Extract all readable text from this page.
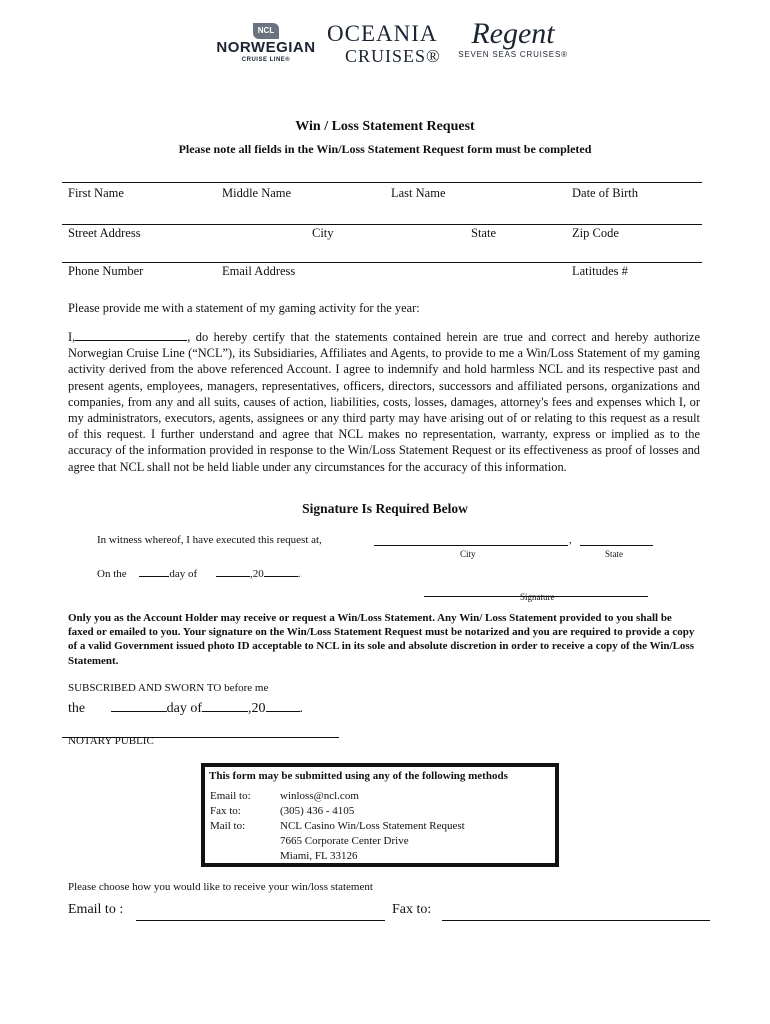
NCL
NORWEGIAN
CRUISE LINE®
OCEANIA
CRUISES®
Regent
SEVEN SEAS CRUISES®
Win / Loss Statement Request
Please note all fields in the Win/Loss Statement Request form must be completed
First Name	Middle Name	Last Name	Date of Birth
Street Address	City	State	Zip Code
Phone Number	Email Address	Latitudes #
Please provide me with a statement of my gaming activity for the year:
I,	, do hereby certify that the statements contained herein are true and correct and hereby authorize Norwegian Cruise Line (“NCL”), its Subsidiaries, Affiliates and Agents, to provide to me a Win/Loss Statement of my gaming activity derived from the above referenced Account. I agree to indemnify and hold harmless NCL and its respective past and present agents, employees, managers, representatives, officers, directors, successors and affiliated persons, organizations and companies, from any and all suits, causes of action, liabilities, costs, losses, damages, attorney's fees and expenses which I, or my administrators, executors, agents, assignees or any third party may have arising out of or relating to this request as a result of this request. I further understand and agree that NCL makes no representation, warranty, express or implied as to the accuracy of the information provided in response to the Win/Loss Statement Request or its effectiveness as proof of losses and agree that NCL shall not be held liable under any circumstances for the accuracy of this information.
Signature Is Required Below
In witness whereof, I have executed this request at,	,
City	State
On the	day of	,20	.
Signature
Only you as the Account Holder may receive or request a Win/Loss Statement. Any Win/ Loss Statement provided to you shall be faxed or emailed to you. Your signature on the Win/Loss Statement Request must be notarized and you are required to provide a copy of a valid Government issued photo ID acceptable to NCL in its sole and absolute discretion in order to receive a copy of the Win/Loss Statement.
SUBSCRIBED AND SWORN TO before me
the	day of	,20 .
NOTARY PUBLIC
This form may be submitted using any of the following methods
Email to:	winloss@ncl.com
Fax to:	(305) 436 - 4105
Mail to:	NCL Casino Win/Loss Statement Request
7665 Corporate Center Drive
Miami, FL 33126
Please choose how you would like to receive your win/loss statement
Email to :	Fax to:
